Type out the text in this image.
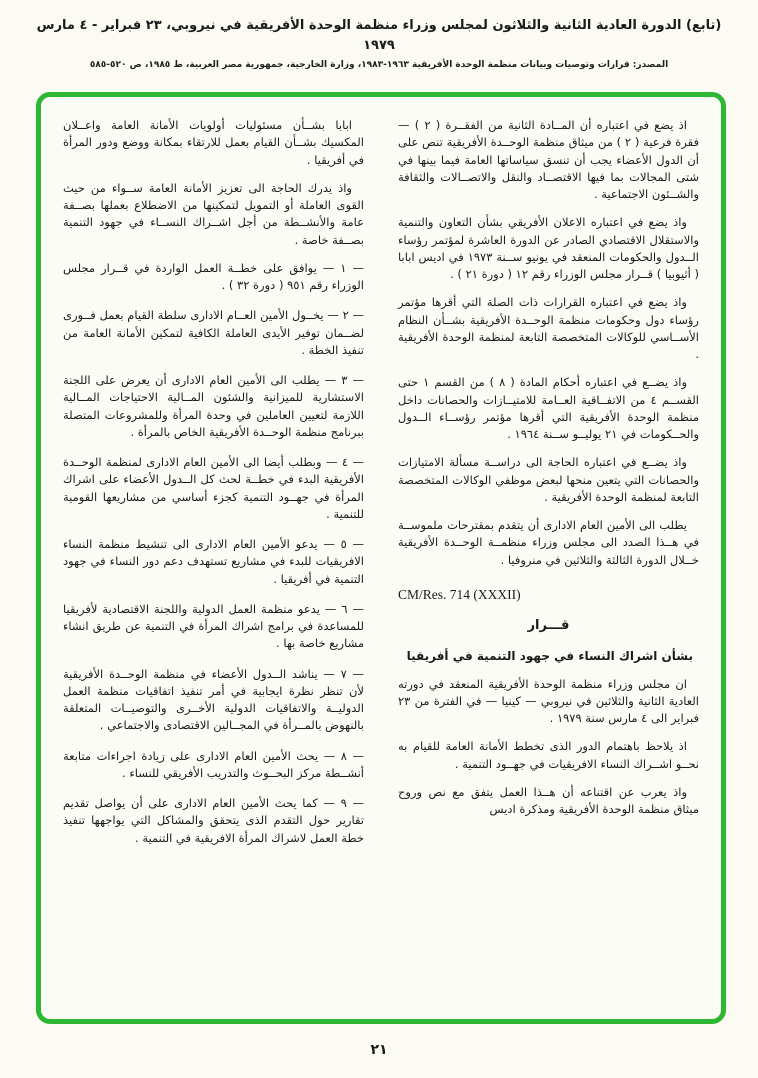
(تابع) الدورة العادية الثانية والثلاثون لمجلس وزراء منظمة الوحدة الأفريقية في نيروبي، ٢٣ فبراير - ٤ مارس ١٩٧٩
المصدر: قرارات وتوصيات وبيانات منظمة الوحدة الأفريقية ١٩٦٣-١٩٨٣، وزارة الخارجية، جمهورية مصر العربية، ط ١٩٨٥، ص ٥٢٠-٥٨٥

اذ يضع في اعتباره أن المــادة الثانية من الفقــرة ( ٢ ) — فقرة فرعية ( ٢ ) من ميثاق منظمة الوحــدة الأفريقية تنص على أن الدول الأعضاء يجب أن تنسق سياساتها العامة فيما بينها في شتى المجالات بما فيها الاقتصــاد والنقل والاتصــالات والثقافة والشــئون الاجتماعية .

واذ يضع في اعتباره الاعلان الأفريقي بشأن التعاون والتنمية والاستقلال الاقتصادي الصادر عن الدورة العاشرة لمؤتمر رؤساء الــدول والحكومات المنعقد في يونيو ســنة ١٩٧٣ في اديس ابابا ( أثيوبيا ) قــرار مجلس الوزراء رقم ١٢ ( دورة ٢١ ) .

واذ يضع في اعتباره القرارات ذات الصلة التي أقرها مؤتمر رؤساء دول وحكومات منظمة الوحــدة الأفريقية بشــأن النظام الأســاسي للوكالات المتخصصة التابعة لمنظمة الوحدة الأفريقية .

واذ يضــع في اعتباره أحكام المادة ( ٨ ) من القسم ١ حتى القســم ٤ من الاتفــاقية العــامة للامتيــازات والحصانات داخل منظمة الوحدة الأفريقية التي أقرها مؤتمر رؤســاء الــدول والحــكومات في ٢١ يوليــو ســنة ١٩٦٤ .

واذ يضــع في اعتباره الحاجة الى دراســة مسألة الامتيازات والحصانات التي يتعين منحها لبعض موظفي الوكالات المتخصصة التابعة لمنظمة الوحدة الأفريقية .

يطلب الى الأمين العام الادارى أن يتقدم بمقترحات ملموســة في هــذا الصدد الى مجلس وزراء منظمــة الوحــدة الأفريقية خــلال الدورة الثالثة والثلاثين في منروفيا .

CM/Res. 714 (XXXII)

قـــرار

بشأن اشراك النساء في جهود التنمية في أفريقيا

ان مجلس وزراء منظمة الوحدة الأفريقية المنعقد في دورته العادية الثانية والثلاثين في نيروبي — كينيا — في الفترة من ٢٣ فبراير الى ٤ مارس سنة ١٩٧٩ .

اذ يلاحظ باهتمام الدور الذى تخطط الأمانة العامة للقيام به نحــو اشــراك النساء الافريقيات في جهــود التنمية .

واذ يعرب عن اقتناعه أن هــذا العمل يتفق مع نص وروح ميثاق منظمة الوحدة الأفريقية ومذكرة اديس

ابابا بشــأن مسئوليات أولويات الأمانة العامة واعــلان المكسيك بشــأن القيام بعمل للارتقاء بمكانة ووضع ودور المرأة في أفريقيا .

واذ يدرك الحاجة الى تعزيز الأمانة العامة ســواء من حيث القوى العاملة أو التمويل لتمكينها من الاضطلاع بعملها بصــفة عامة والأنشــطة من أجل اشــراك النســاء في جهود التنمية بصــفة خاصة .

— ١ — يوافق على خطــة العمل الواردة في قــرار مجلس الوزراء رقم ٩٥١ ( دورة ٣٢ ) .

— ٢ — يخــول الأمين العــام الادارى سلطة القيام بعمل فــورى لضــمان توفير الأيدى العاملة الكافية لتمكين الأمانة العامة من تنفيذ الخطة .

— ٣ — يطلب الى الأمين العام الادارى أن يعرض على اللجنة الاستشارية للميزانية والشئون المــالية الاحتياجات المــالية اللازمة لتعيين العاملين في وحدة المرأة وللمشروعات المتصلة ببرنامج منظمة الوحــدة الأفريقية الخاص بالمرأة .

— ٤ — وبطلب أيضا الى الأمين العام الادارى لمنظمة الوحــدة الأفريقية البدء في خطــة لحث كل الــدول الأعضاء على اشراك المرأة في جهــود التنمية كجزء أساسي من مشاريعها القومية للتنمية .

— ٥ — يدعو الأمين العام الادارى الى تنشيط منظمة النساء الافريقيات للبدء في مشاريع تستهدف دعم دور النساء في جهود التنمية في أفريقيا .

— ٦ — يدعو منظمة العمل الدولية واللجنة الاقتصادية لأفريقيا للمساعدة في برامج اشراك المرأة في التنمية عن طريق انشاء مشاريع خاصة بها .

— ٧ — يناشد الــدول الأعضاء في منظمة الوحــدة الأفريقية لأن تنظر نظرة ايجابية في أمر تنفيذ اتفاقيات منظمة العمل الدوليــة والاتفاقيات الدولية الأخــرى والتوصيــات المتعلقة بالنهوض بالمــرأة في المجــالين الاقتصادى والاجتماعي .

— ٨ — يحث الأمين العام الادارى على زيادة اجراءات متابعة أنشــطة مركز البحــوث والتدريب الأفريقي للنساء .

— ٩ — كما يحث الأمين العام الادارى على أن يواصل تقديم تقارير حول التقدم الذى يتحقق والمشاكل التي يواجهها تنفيذ خطة العمل لاشراك المرأة الافريقية في التنمية .

٢١
